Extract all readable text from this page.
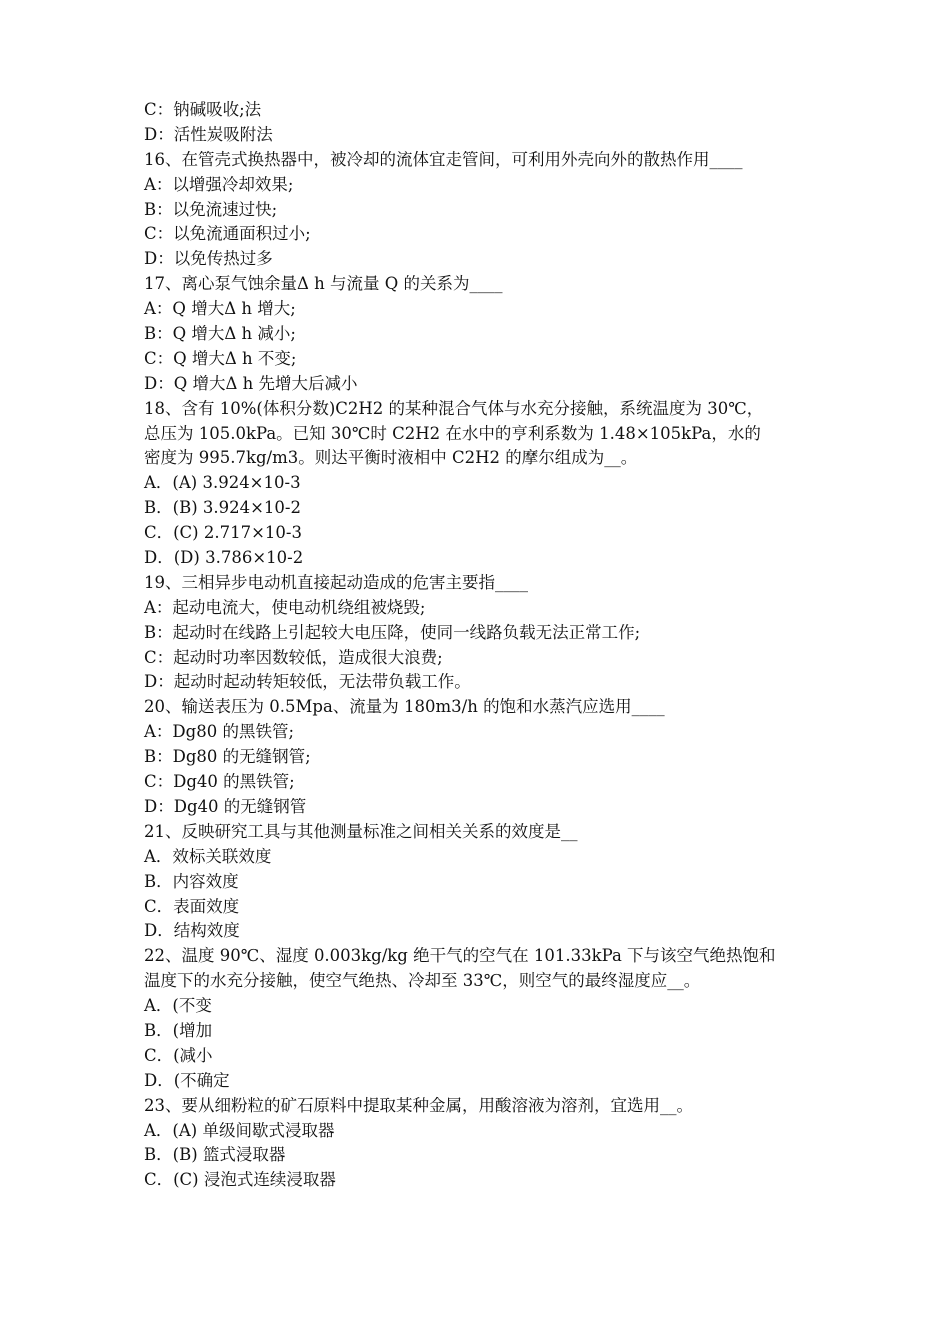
C：钠碱吸收;法
D：活性炭吸附法
16、在管壳式换热器中，被冷却的流体宜走管间，可利用外壳向外的散热作用____
A：以增强冷却效果;
B：以免流速过快;
C：以免流通面积过小;
D：以免传热过多
17、离心泵气蚀余量Δ h 与流量 Q 的关系为____
A：Q 增大Δ h 增大;
B：Q 增大Δ h 减小;
C：Q 增大Δ h 不变;
D：Q 增大Δ h 先增大后减小
18、含有 10%(体积分数)C2H2 的某种混合气体与水充分接触，系统温度为 30℃，
总压为 105.0kPa。已知 30℃时 C2H2 在水中的亨利系数为 1.48×105kPa，水的
密度为 995.7kg/m3。则达平衡时液相中 C2H2 的摩尔组成为__。
A．(A) 3.924×10-3
B．(B) 3.924×10-2
C．(C) 2.717×10-3
D．(D) 3.786×10-2
19、三相异步电动机直接起动造成的危害主要指____
A：起动电流大，使电动机绕组被烧毁;
B：起动时在线路上引起较大电压降，使同一线路负载无法正常工作;
C：起动时功率因数较低，造成很大浪费;
D：起动时起动转矩较低，无法带负载工作。
20、输送表压为 0.5Mpa、流量为 180m3/h 的饱和水蒸汽应选用____
A：Dg80 的黑铁管;
B：Dg80 的无缝钢管;
C：Dg40 的黑铁管;
D：Dg40 的无缝钢管
21、反映研究工具与其他测量标准之间相关关系的效度是__
A．效标关联效度
B．内容效度
C．表面效度
D．结构效度
22、温度 90℃、湿度 0.003kg/kg 绝干气的空气在 101.33kPa 下与该空气绝热饱和
温度下的水充分接触，使空气绝热、冷却至 33℃，则空气的最终湿度应__。
A．(不变
B．(增加
C．(减小
D．(不确定
23、要从细粉粒的矿石原料中提取某种金属，用酸溶液为溶剂，宜选用__。
A．(A) 单级间歇式浸取器
B．(B) 篮式浸取器
C．(C) 浸泡式连续浸取器
